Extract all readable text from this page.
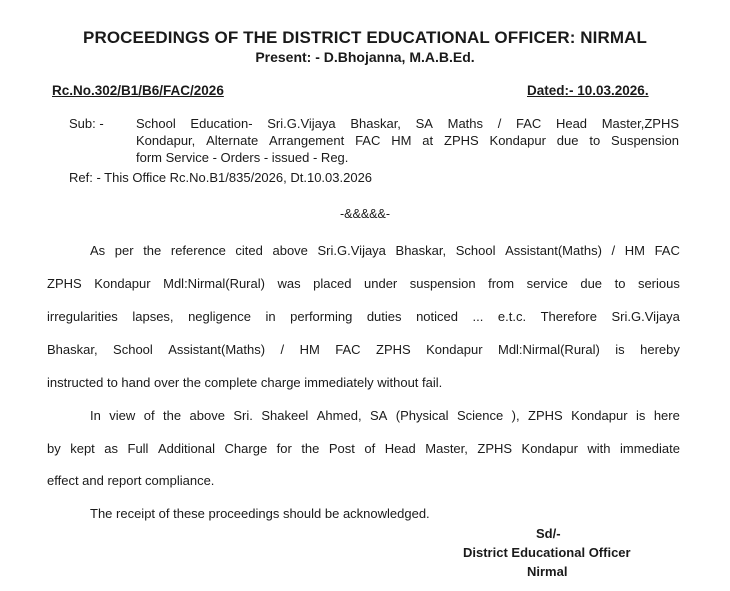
PROCEEDINGS OF THE DISTRICT EDUCATIONAL OFFICER: NIRMAL
Present: - D.Bhojanna, M.A.B.Ed.
Rc.No.302/B1/B6/FAC/2026	Dated:- 10.03.2026.
Sub: - School Education- Sri.G.Vijaya Bhaskar, SA Maths / FAC Head Master,ZPHS
Kondapur, Alternate Arrangement FAC HM at ZPHS Kondapur due to Suspension
form Service - Orders - issued - Reg.
Ref: - This Office Rc.No.B1/835/2026, Dt.10.03.2026
-&&&&&-
As per the reference cited above Sri.G.Vijaya Bhaskar, School Assistant(Maths) / HM FAC
ZPHS Kondapur Mdl:Nirmal(Rural) was placed under suspension from service due to serious
irregularities lapses, negligence in performing duties noticed ... e.t.c. Therefore Sri.G.Vijaya
Bhaskar, School Assistant(Maths) / HM FAC ZPHS Kondapur Mdl:Nirmal(Rural) is hereby
instructed to hand over the complete charge immediately without fail.
In view of the above Sri. Shakeel Ahmed, SA (Physical Science ), ZPHS Kondapur is here
by kept as Full Additional Charge for the Post of Head Master, ZPHS Kondapur with immediate
effect and report compliance.
The receipt of these proceedings should be acknowledged.
Sd/-
District Educational Officer
Nirmal
